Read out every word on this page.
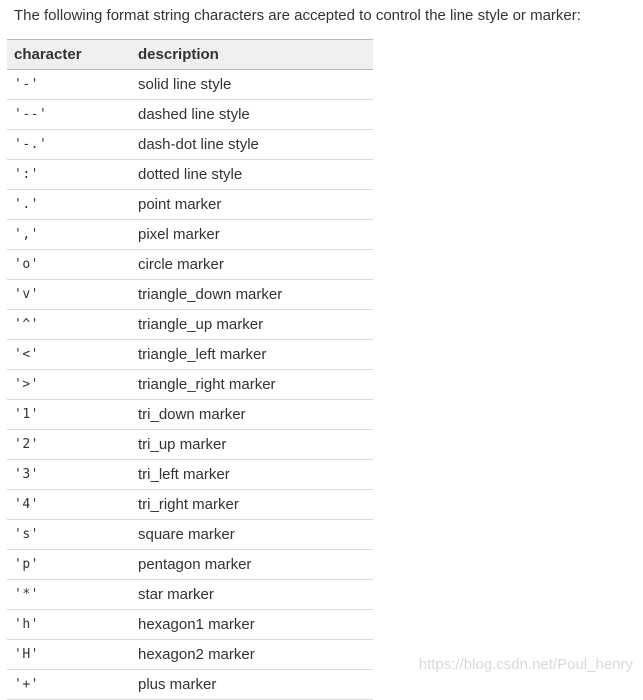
The following format string characters are accepted to control the line style or marker:

character	description
'-'	solid line style
'--'	dashed line style
'-.'	dash-dot line style
':'	dotted line style
'.'	point marker
','	pixel marker
'o'	circle marker
'v'	triangle_down marker
'^'	triangle_up marker
'<'	triangle_left marker
'>'	triangle_right marker
'1'	tri_down marker
'2'	tri_up marker
'3'	tri_left marker
'4'	tri_right marker
's'	square marker
'p'	pentagon marker
'*'	star marker
'h'	hexagon1 marker
'H'	hexagon2 marker
'+'	plus marker
https://blog.csdn.net/Poul_henry
